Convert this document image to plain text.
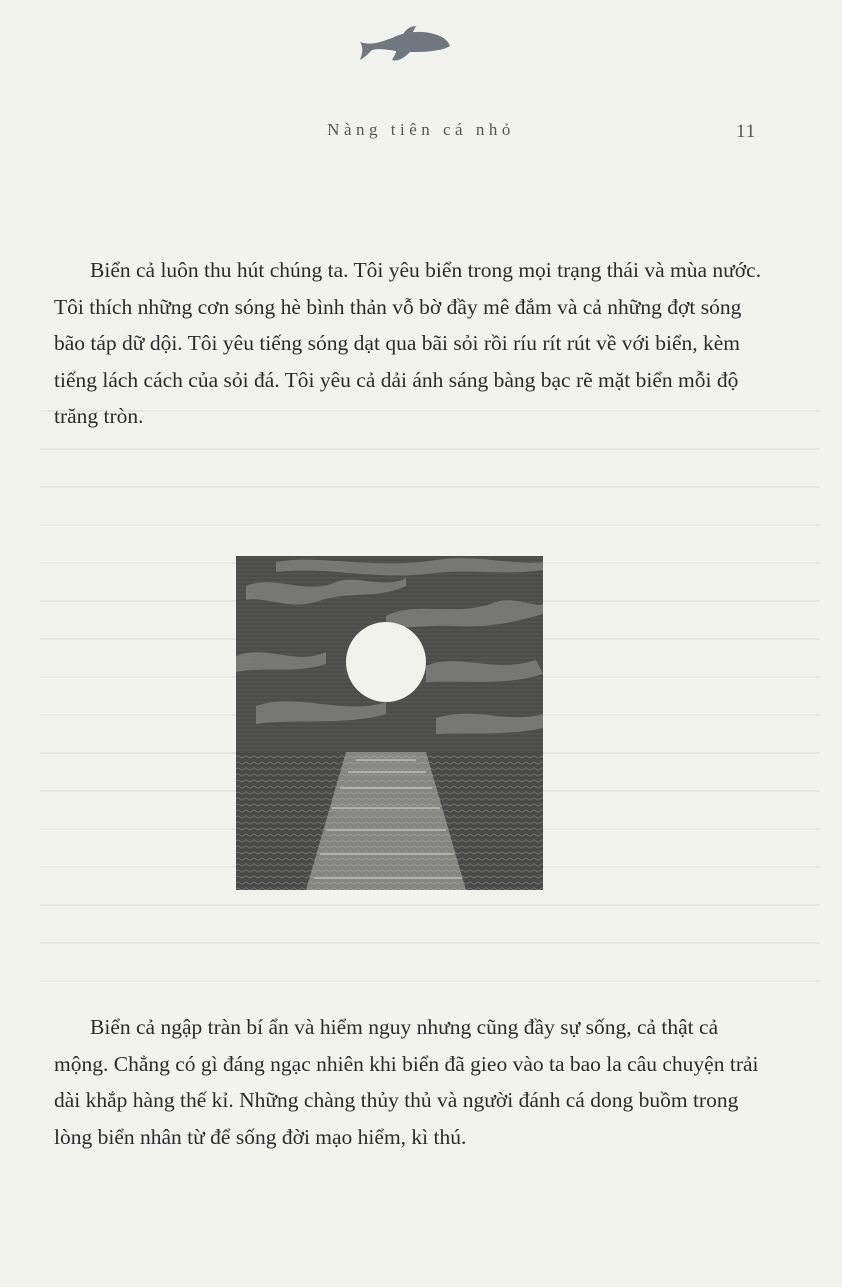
Nàng tiên cá nhỏ	11

Biển cả luôn thu hút chúng ta. Tôi yêu biển trong mọi trạng thái và mùa nước. Tôi thích những cơn sóng hè bình thản vỗ bờ đầy mê đắm và cả những đợt sóng bão táp dữ dội. Tôi yêu tiếng sóng dạt qua bãi sỏi rồi ríu rít rút về với biển, kèm tiếng lách cách của sỏi đá. Tôi yêu cả dải ánh sáng bàng bạc rẽ mặt biển mỗi độ trăng tròn.

Biển cả ngập tràn bí ẩn và hiểm nguy nhưng cũng đầy sự sống, cả thật cả mộng. Chẳng có gì đáng ngạc nhiên khi biển đã gieo vào ta bao la câu chuyện trải dài khắp hàng thế kỉ. Những chàng thủy thủ và người đánh cá dong buồm trong lòng biển nhân từ để sống đời mạo hiểm, kì thú.
